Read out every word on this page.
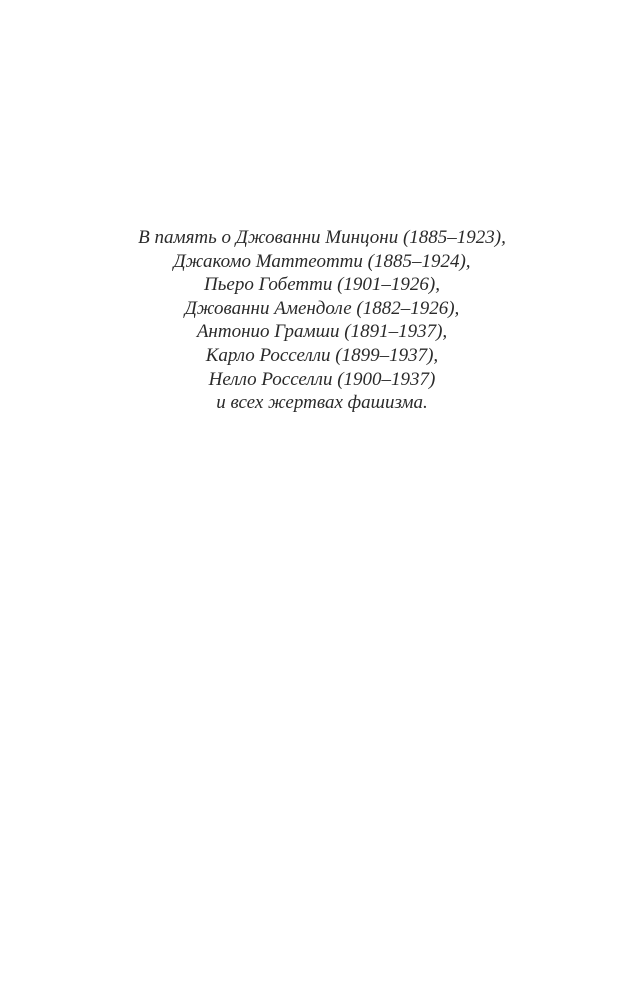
В память о Джованни Минцони (1885–1923),
Джакомо Маттеотти (1885–1924),
Пьеро Гобетти (1901–1926),
Джованни Амендоле (1882–1926),
Антонио Грамши (1891–1937),
Карло Росселли (1899–1937),
Нелло Росселли (1900–1937)
и всех жертвах фашизма.
